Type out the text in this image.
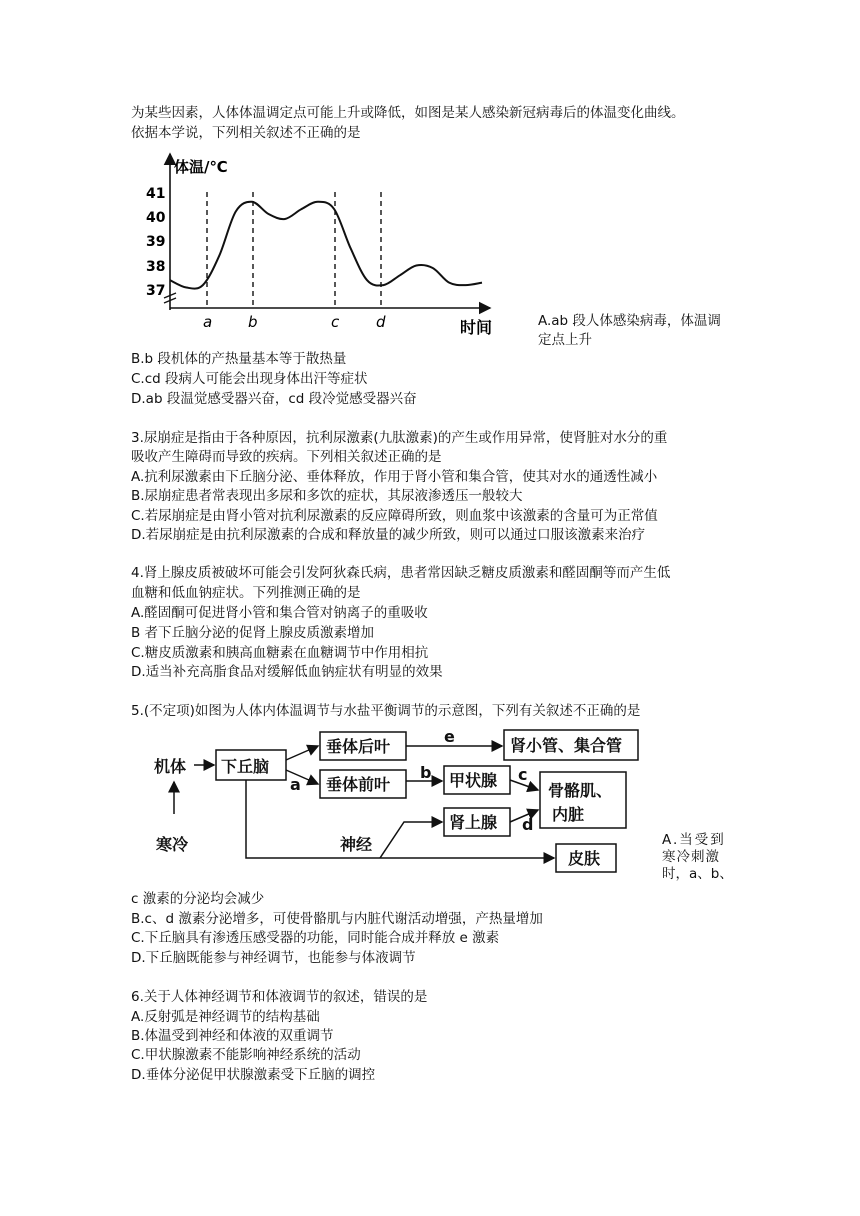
为某些因素，人体体温调定点可能上升或降低，如图是某人感染新冠病毒后的体温变化曲线。
依据本学说，下列相关叙述不正确的是
体温/℃
41
40
39
38
37
a b	c d	时间	A.ab 段人体感染病毒，体温调
定点上升
B.b 段机体的产热量基本等于散热量
C.cd 段病人可能会出现身体出汗等症状
D.ab 段温觉感受器兴奋，cd 段冷觉感受器兴奋
3.尿崩症是指由于各种原因，抗利尿激素(九肽激素)的产生或作用异常，使肾脏对水分的重
吸收产生障碍而导致的疾病。下列相关叙述正确的是
A.抗利尿激素由下丘脑分泌、垂体释放，作用于肾小管和集合管，使其对水的通透性减小
B.尿崩症患者常表现出多尿和多饮的症状，其尿液渗透压一般较大
C.若尿崩症是由肾小管对抗利尿激素的反应障碍所致，则血浆中该激素的含量可为正常值
D.若尿崩症是由抗利尿激素的合成和释放量的减少所致，则可以通过口服该激素来治疗
4.肾上腺皮质被破坏可能会引发阿狄森氏病，患者常因缺乏糖皮质激素和醛固酮等而产生低
血糖和低血钠症状。下列推测正确的是
A.醛固酮可促进肾小管和集合管对钠离子的重吸收
B 者下丘脑分泌的促肾上腺皮质激素增加
C.糖皮质激素和胰高血糖素在血糖调节中作用相抗
D.适当补充高脂食品对缓解低血钠症状有明显的效果
5.(不定项)如图为人体内体温调节与水盐平衡调节的示意图，下列有关叙述不正确的是
机体
寒冷
下丘脑
垂体后叶
垂体前叶
肾小管、集合管
甲状腺
肾上腺
骨骼肌、
内脏
皮肤
神经
e
b
a
c
d
A.当受到
寒冷刺激
时，a、b、
c 激素的分泌均会减少
B.c、d 激素分泌增多，可使骨骼肌与内脏代谢活动增强，产热量增加
C.下丘脑具有渗透压感受器的功能，同时能合成并释放 e 激素
D.下丘脑既能参与神经调节，也能参与体液调节
6.关于人体神经调节和体液调节的叙述，错误的是
A.反射弧是神经调节的结构基础
B.体温受到神经和体液的双重调节
C.甲状腺激素不能影响神经系统的活动
D.垂体分泌促甲状腺激素受下丘脑的调控
